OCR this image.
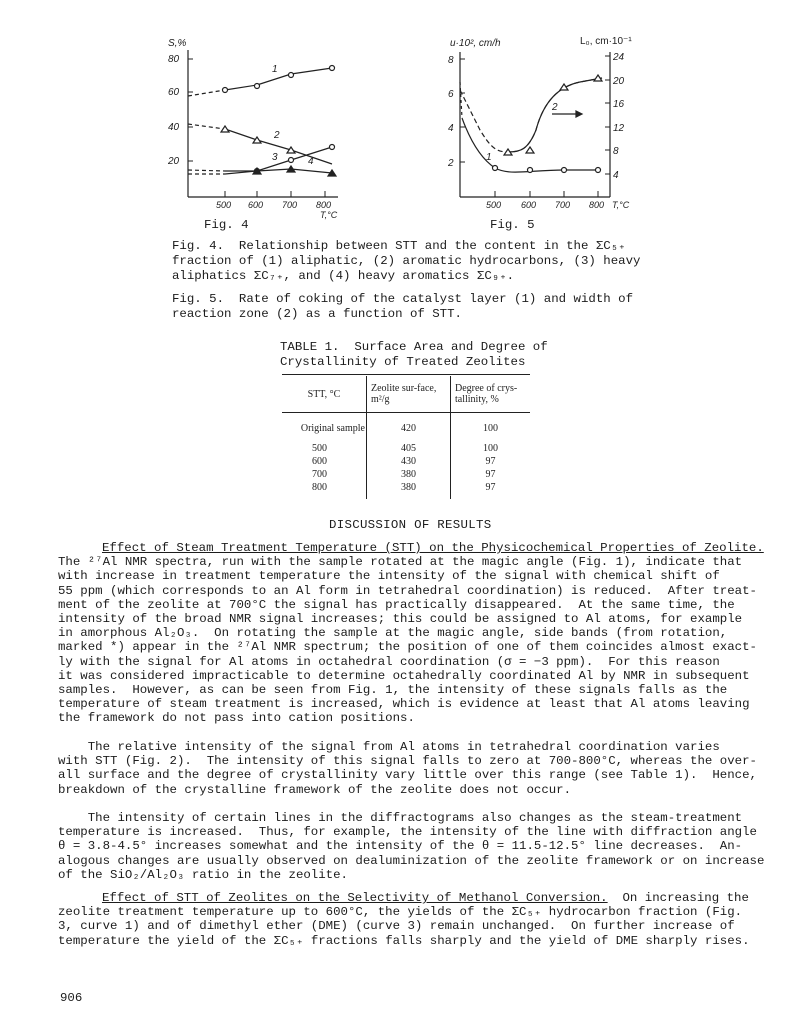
S,%
80
60
40
20
500 600 700 800
T,°C
1
2
3	4
Fig. 4
u·10², cm/h	L₀, cm·10⁻¹
8
6
4
2
24
20
16
12
8
4
500 600 700 800 T,°C
1
2
Fig. 5
Fig. 4.  Relationship between STT and the content in the ΣC₅₊
fraction of (1) aliphatic, (2) aromatic hydrocarbons, (3) heavy
aliphatics ΣC₇₊, and (4) heavy aromatics ΣC₉₊.
Fig. 5.  Rate of coking of the catalyst layer (1) and width of
reaction zone (2) as a function of STT.
TABLE 1.  Surface Area and Degree of
Crystallinity of Treated Zeolites
STT, °C	Zeolite sur-face, m²/g	Degree of crys-tallinity, %
Original sample	420	100
500	405	100
600	430	97
700	380	97
800	380	97
DISCUSSION OF RESULTS
Effect of Steam Treatment Temperature (STT) on the Physicochemical Properties of Zeolite.
The ²⁷Al NMR spectra, run with the sample rotated at the magic angle (Fig. 1), indicate that
with increase in treatment temperature the intensity of the signal with chemical shift of
55 ppm (which corresponds to an Al form in tetrahedral coordination) is reduced.  After treat-
ment of the zeolite at 700°C the signal has practically disappeared.  At the same time, the
intensity of the broad NMR signal increases; this could be assigned to Al atoms, for example
in amorphous Al₂O₃.  On rotating the sample at the magic angle, side bands (from rotation,
marked *) appear in the ²⁷Al NMR spectrum; the position of one of them coincides almost exact-
ly with the signal for Al atoms in octahedral coordination (σ = −3 ppm).  For this reason
it was considered impracticable to determine octahedrally coordinated Al by NMR in subsequent
samples.  However, as can be seen from Fig. 1, the intensity of these signals falls as the
temperature of steam treatment is increased, which is evidence at least that Al atoms leaving
the framework do not pass into cation positions.
The relative intensity of the signal from Al atoms in tetrahedral coordination varies
with STT (Fig. 2).  The intensity of this signal falls to zero at 700-800°C, whereas the over-
all surface and the degree of crystallinity vary little over this range (see Table 1).  Hence,
breakdown of the crystalline framework of the zeolite does not occur.
The intensity of certain lines in the diffractograms also changes as the steam-treatment
temperature is increased.  Thus, for example, the intensity of the line with diffraction angle
θ = 3.8-4.5° increases somewhat and the intensity of the θ = 11.5-12.5° line decreases.  An-
alogous changes are usually observed on dealuminization of the zeolite framework or on increase
of the SiO₂/Al₂O₃ ratio in the zeolite.
Effect of STT of Zeolites on the Selectivity of Methanol Conversion.  On increasing the
zeolite treatment temperature up to 600°C, the yields of the ΣC₅₊ hydrocarbon fraction (Fig.
3, curve 1) and of dimethyl ether (DME) (curve 3) remain unchanged.  On further increase of
temperature the yield of the ΣC₅₊ fractions falls sharply and the yield of DME sharply rises.
906
